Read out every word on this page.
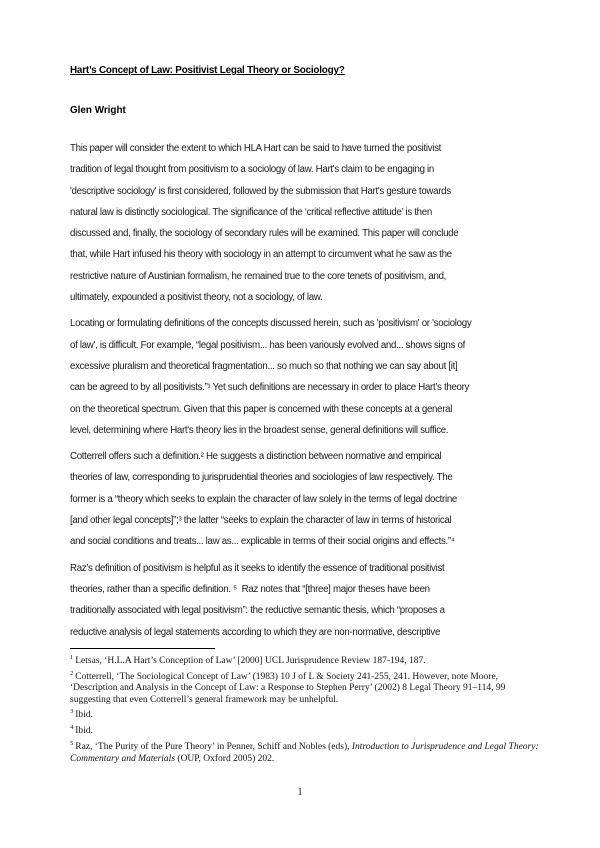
Hart’s Concept of Law: Positivist Legal Theory or Sociology?
Glen Wright
This paper will consider the extent to which HLA Hart can be said to have turned the positivist
tradition of legal thought from positivism to a sociology of law. Hart's claim to be engaging in
'descriptive sociology' is first considered, followed by the submission that Hart's gesture towards
natural law is distinctly sociological. The significance of the ‘critical reflective attitude’ is then
discussed and, finally, the sociology of secondary rules will be examined. This paper will conclude
that, while Hart infused his theory with sociology in an attempt to circumvent what he saw as the
restrictive nature of Austinian formalism, he remained true to the core tenets of positivism, and,
ultimately, expounded a positivist theory, not a sociology, of law.
Locating or formulating definitions of the concepts discussed herein, such as 'positivism' or 'sociology
of law', is difficult. For example, “legal positivism... has been variously evolved and... shows signs of
excessive pluralism and theoretical fragmentation... so much so that nothing we can say about [it]
can be agreed to by all positivists.”¹ Yet such definitions are necessary in order to place Hart’s theory
on the theoretical spectrum. Given that this paper is concerned with these concepts at a general
level, determining where Hart's theory lies in the broadest sense, general definitions will suffice.
Cotterrell offers such a definition.² He suggests a distinction between normative and empirical
theories of law, corresponding to jurisprudential theories and sociologies of law respectively. The
former is a “theory which seeks to explain the character of law solely in the terms of legal doctrine
[and other legal concepts]”;³ the latter “seeks to explain the character of law in terms of historical
and social conditions and treats... law as... explicable in terms of their social origins and effects.”⁴
Raz’s definition of positivism is helpful as it seeks to identify the essence of traditional positivist
theories, rather than a specific definition. ⁵  Raz notes that “[three] major theses have been
traditionally associated with legal positivism”: the reductive semantic thesis, which “proposes a
reductive analysis of legal statements according to which they are non-normative, descriptive
$^1$ Letsas, ‘H.L.A Hart’s Conception of Law’ [2000] UCL Jurisprudence Review 187-194, 187.
$^2$ Cotterrell, ‘The Sociological Concept of Law’ (1983) 10 J of L & Society 241-255, 241. However, note Moore, ‘Description and Analysis in the Concept of Law: a Response to Stephen Perry’ (2002) 8 Legal Theory 91–114, 99 suggesting that even Cotterrell’s general framework may be unhelpful.
$^3$ Ibid.
$^4$ Ibid.
$^5$ Raz, ‘The Purity of the Pure Theory’ in Penner, Schiff and Nobles (eds), Introduction to Jurisprudence and Legal Theory: Commentary and Materials (OUP, Oxford 2005) 202.
1
